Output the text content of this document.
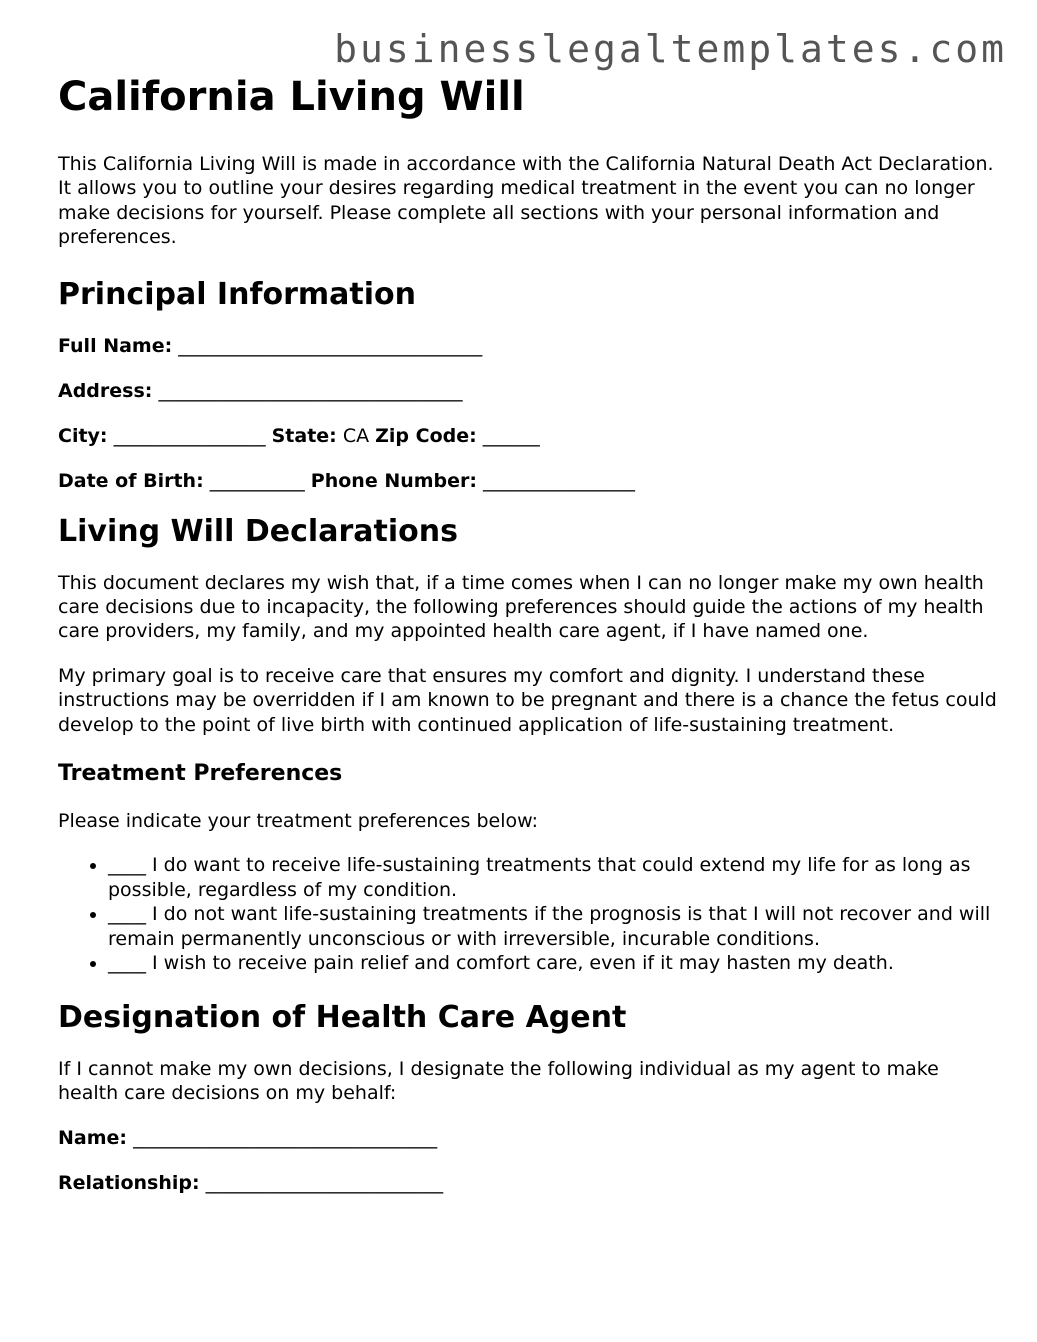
businesslegaltemplates.com
California Living Will

This California Living Will is made in accordance with the California Natural Death Act Declaration. It allows you to outline your desires regarding medical treatment in the event you can no longer make decisions for yourself. Please complete all sections with your personal information and preferences.

Principal Information
Full Name: ________________________________
Address: ________________________________
City: ________________ State: CA Zip Code: ______
Date of Birth: __________ Phone Number: ________________
Living Will Declarations

This document declares my wish that, if a time comes when I can no longer make my own health care decisions due to incapacity, the following preferences should guide the actions of my health care providers, my family, and my appointed health care agent, if I have named one.

My primary goal is to receive care that ensures my comfort and dignity. I understand these instructions may be overridden if I am known to be pregnant and there is a chance the fetus could develop to the point of live birth with continued application of life-sustaining treatment.

Treatment Preferences

Please indicate your treatment preferences below:

• ____ I do want to receive life-sustaining treatments that could extend my life for as long as possible, regardless of my condition.
• ____ I do not want life-sustaining treatments if the prognosis is that I will not recover and will remain permanently unconscious or with irreversible, incurable conditions.
• ____ I wish to receive pain relief and comfort care, even if it may hasten my death.
Designation of Health Care Agent

If I cannot make my own decisions, I designate the following individual as my agent to make health care decisions on my behalf:

Name: ________________________________
Relationship: _________________________
